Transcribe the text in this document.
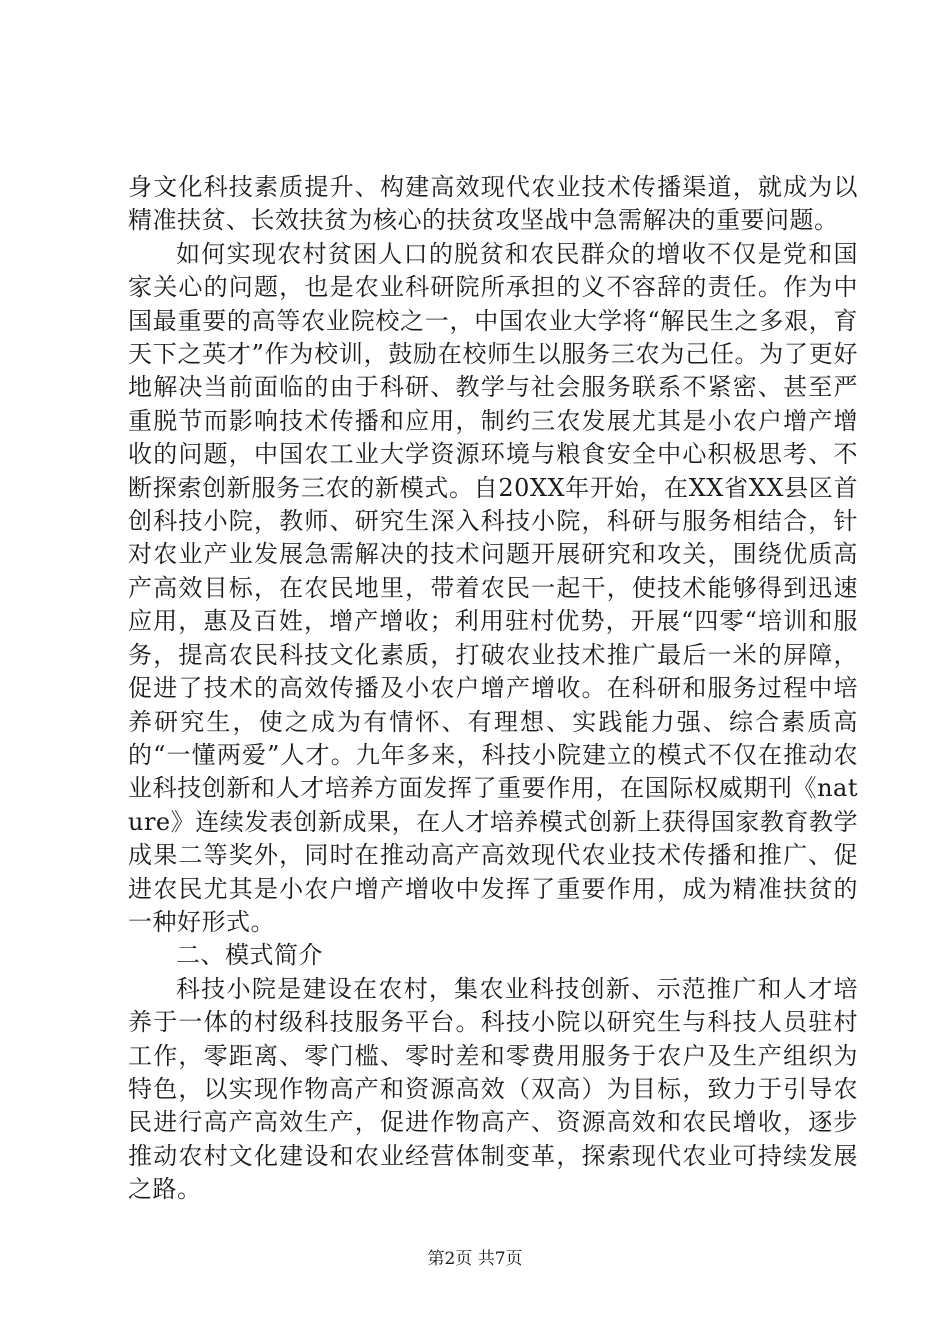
身文化科技素质提升、构建高效现代农业技术传播渠道，就成为以精准扶贫、长效扶贫为核心的扶贫攻坚战中急需解决的重要问题。

如何实现农村贫困人口的脱贫和农民群众的增收不仅是党和国家关心的问题，也是农业科研院所承担的义不容辞的责任。作为中国最重要的高等农业院校之一，中国农业大学将“解民生之多艰，育天下之英才”作为校训，鼓励在校师生以服务三农为己任。为了更好地解决当前面临的由于科研、教学与社会服务联系不紧密、甚至严重脱节而影响技术传播和应用，制约三农发展尤其是小农户增产增收的问题，中国农工业大学资源环境与粮食安全中心积极思考、不断探索创新服务三农的新模式。自20XX年开始，在XX省XX县区首创科技小院，教师、研究生深入科技小院，科研与服务相结合，针对农业产业发展急需解决的技术问题开展研究和攻关，围绕优质高产高效目标，在农民地里，带着农民一起干，使技术能够得到迅速应用，惠及百姓，增产增收；利用驻村优势，开展“四零“培训和服务，提高农民科技文化素质，打破农业技术推广最后一米的屏障，促进了技术的高效传播及小农户增产增收。在科研和服务过程中培养研究生，使之成为有情怀、有理想、实践能力强、综合素质高的“一懂两爱”人才。九年多来，科技小院建立的模式不仅在推动农业科技创新和人才培养方面发挥了重要作用，在国际权威期刊《nature》连续发表创新成果，在人才培养模式创新上获得国家教育教学成果二等奖外，同时在推动高产高效现代农业技术传播和推广、促进农民尤其是小农户增产增收中发挥了重要作用，成为精准扶贫的一种好形式。

二、模式简介

科技小院是建设在农村，集农业科技创新、示范推广和人才培养于一体的村级科技服务平台。科技小院以研究生与科技人员驻村工作，零距离、零门槛、零时差和零费用服务于农户及生产组织为特色，以实现作物高产和资源高效（双高）为目标，致力于引导农民进行高产高效生产，促进作物高产、资源高效和农民增收，逐步推动农村文化建设和农业经营体制变革，探索现代农业可持续发展之路。

第2页 共7页
